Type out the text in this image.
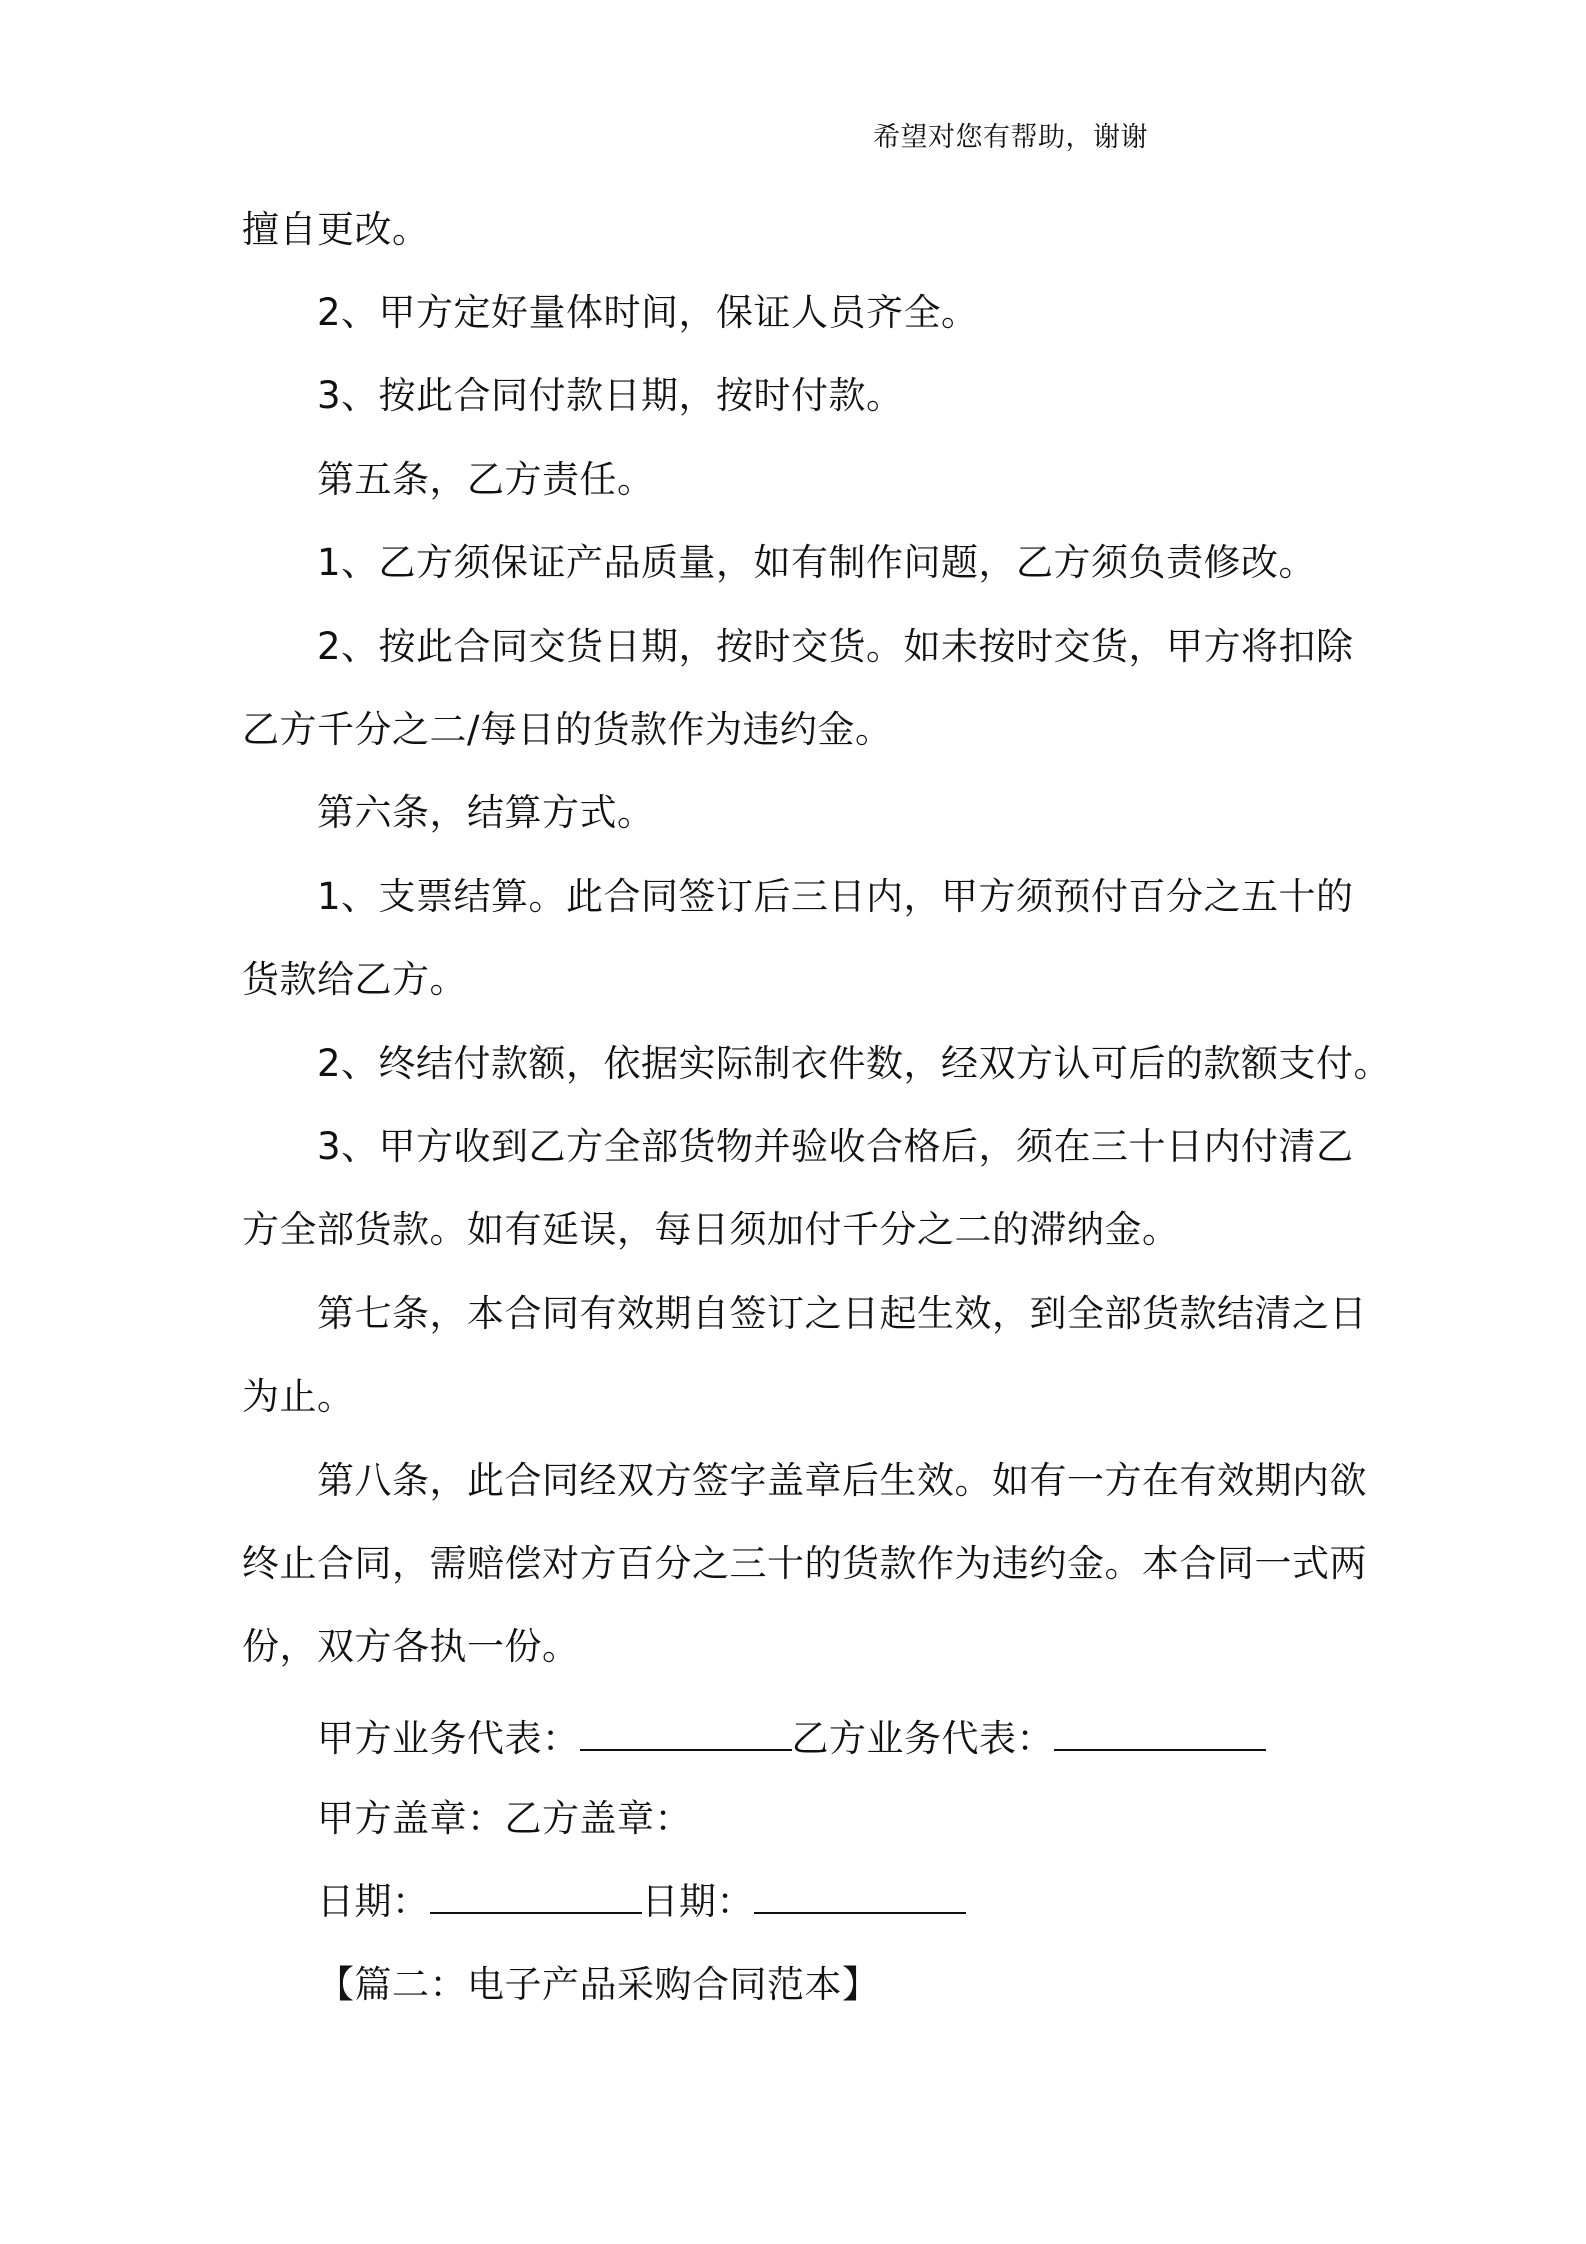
希望对您有帮助，谢谢
擅自更改。
2、甲方定好量体时间，保证人员齐全。
3、按此合同付款日期，按时付款。
第五条，乙方责任。
1、乙方须保证产品质量，如有制作问题，乙方须负责修改。
2、按此合同交货日期，按时交货。如未按时交货，甲方将扣除
乙方千分之二/每日的货款作为违约金。
第六条，结算方式。
1、支票结算。此合同签订后三日内，甲方须预付百分之五十的
货款给乙方。
2、终结付款额，依据实际制衣件数，经双方认可后的款额支付。
3、甲方收到乙方全部货物并验收合格后，须在三十日内付清乙
方全部货款。如有延误，每日须加付千分之二的滞纳金。
第七条，本合同有效期自签订之日起生效，到全部货款结清之日
为止。
第八条，此合同经双方签字盖章后生效。如有一方在有效期内欲
终止合同，需赔偿对方百分之三十的货款作为违约金。本合同一式两
份，双方各执一份。
甲方业务代表：	乙方业务代表：
甲方盖章：乙方盖章：
日期：	日期：
【篇二：电子产品采购合同范本】
